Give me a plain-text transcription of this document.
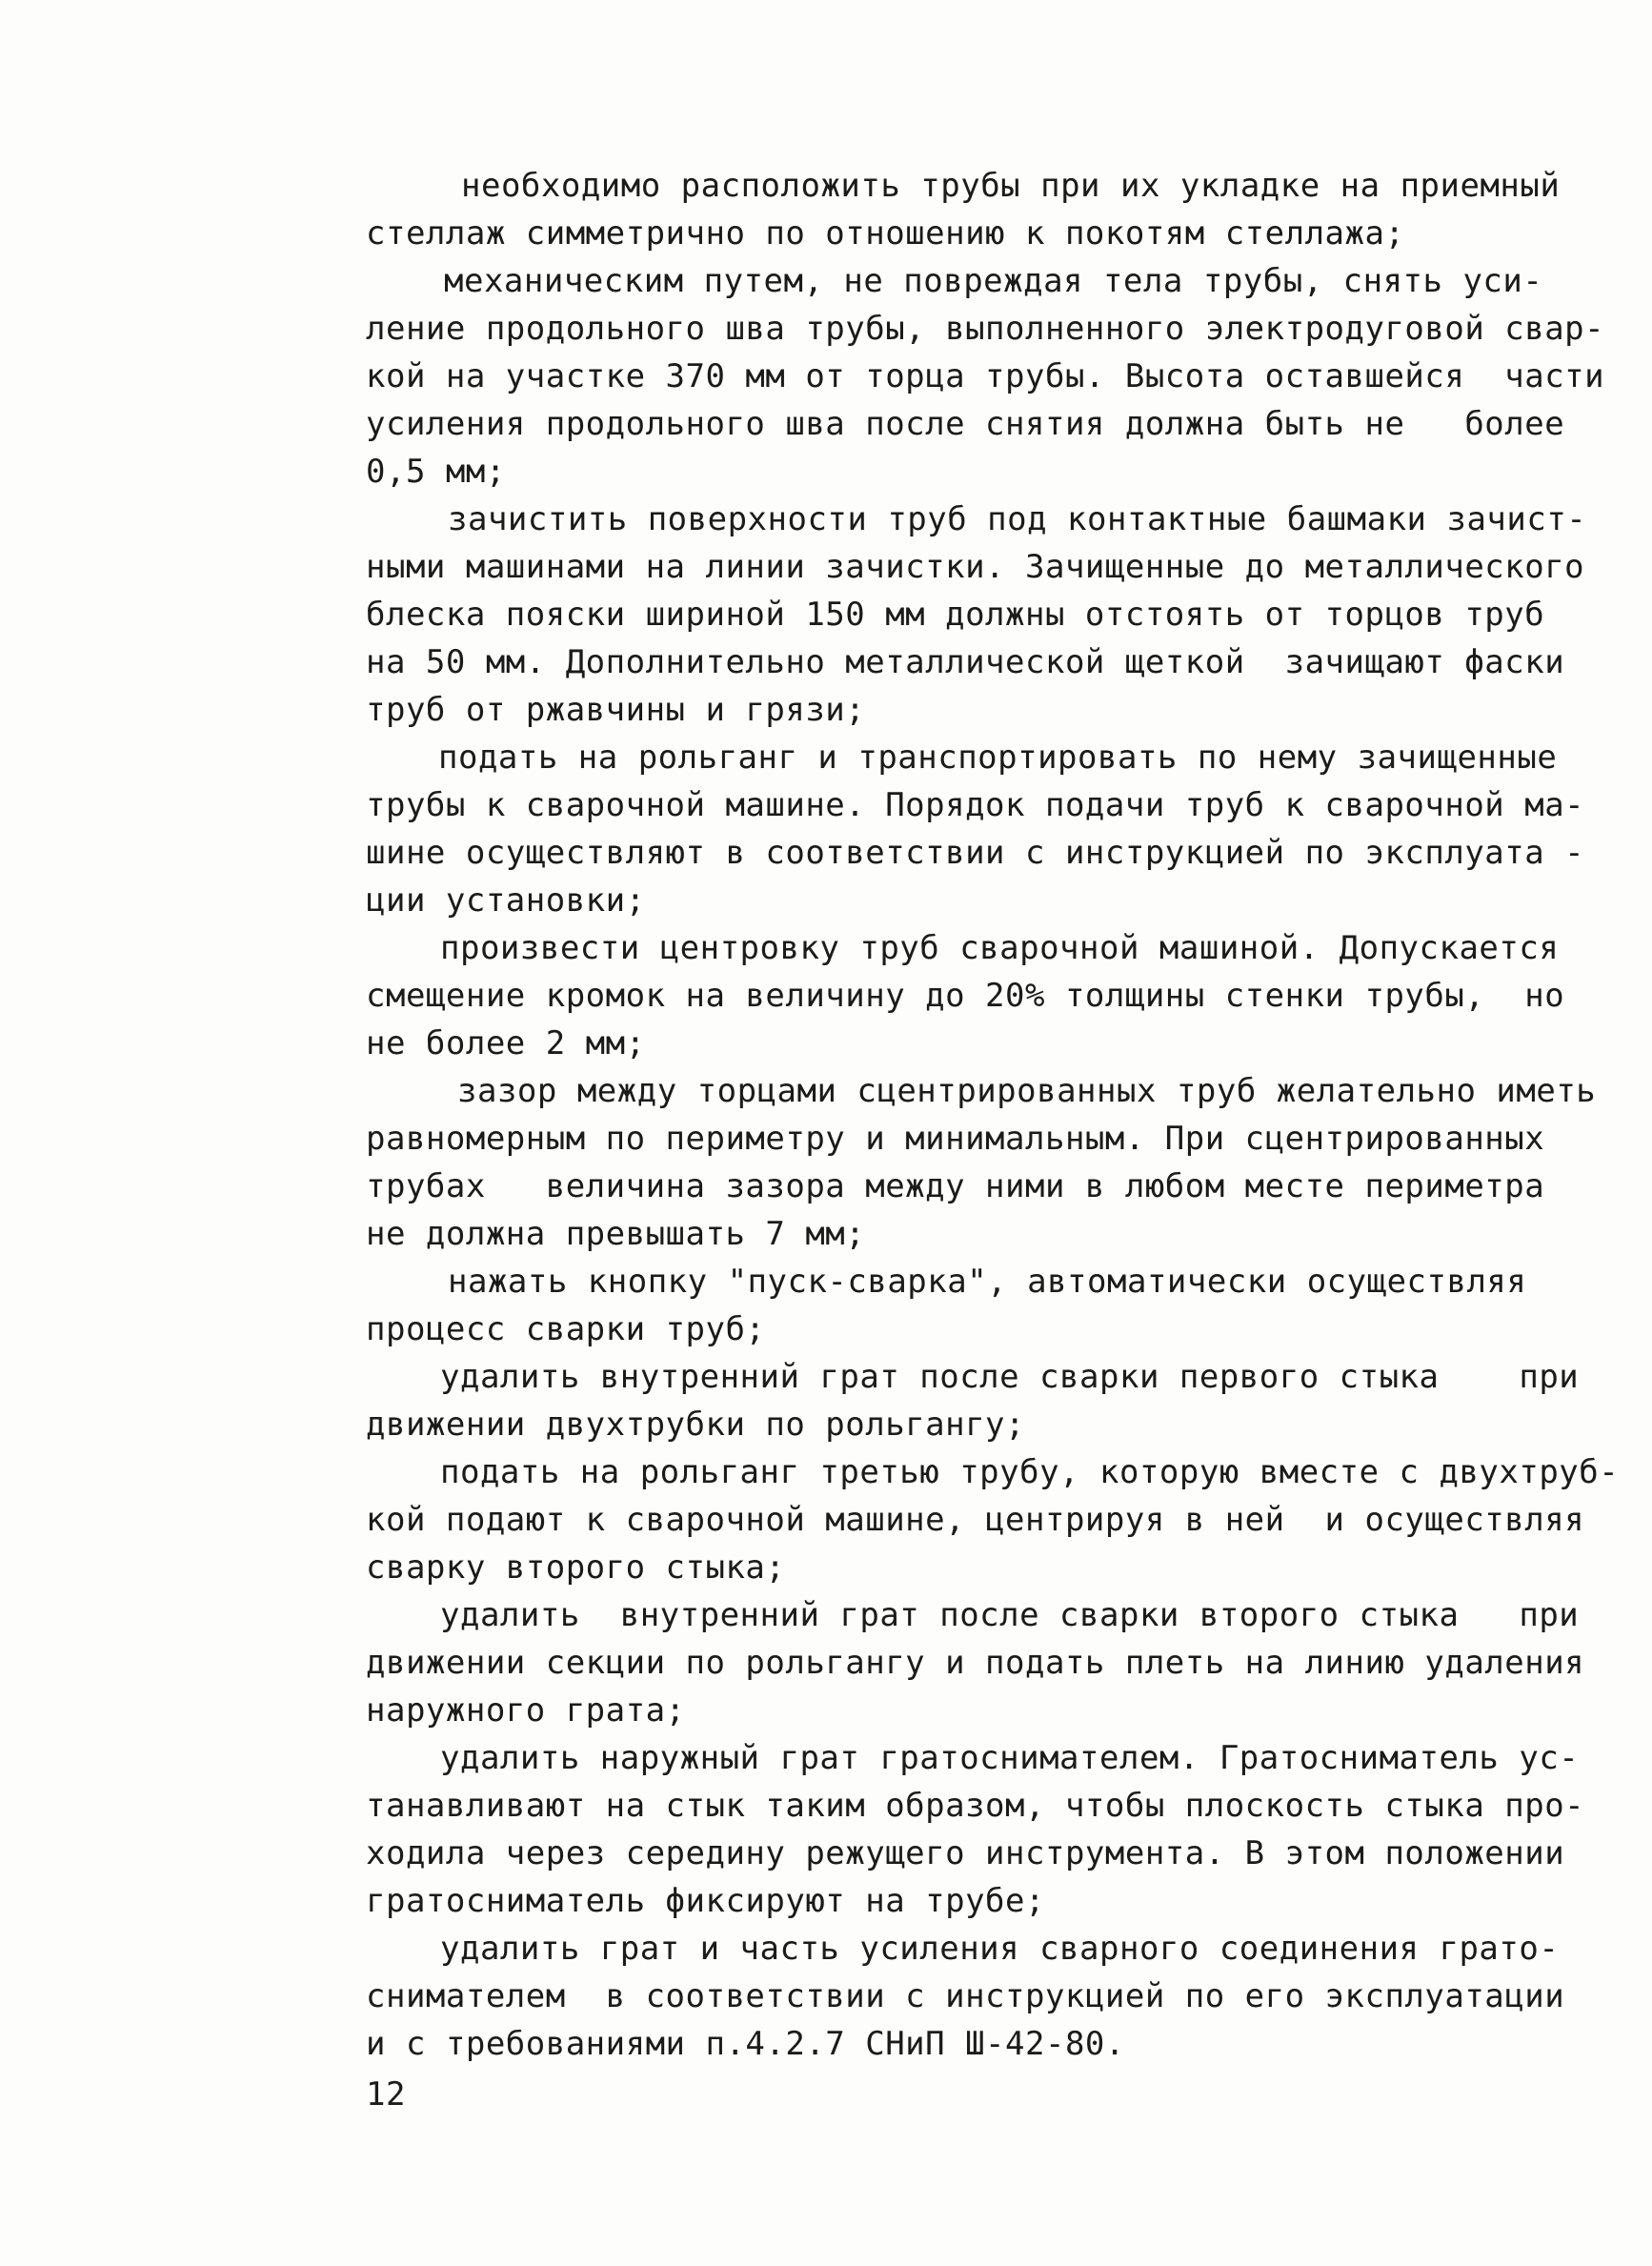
необходимо расположить трубы при их укладке на приемный
стеллаж симметрично по отношению к покотям стеллажа;
механическим путем, не повреждая тела трубы, снять уси-
ление продольного шва трубы, выполненного электродуговой свар-
кой на участке 370 мм от торца трубы. Высота оставшейся  части
усиления продольного шва после снятия должна быть не   более
0,5 мм;
зачистить поверхности труб под контактные башмаки зачист-
ными машинами на линии зачистки. Зачищенные до металлического
блеска пояски шириной 150 мм должны отстоять от торцов труб
на 50 мм. Дополнительно металлической щеткой  зачищают фаски
труб от ржавчины и грязи;
подать на рольганг и транспортировать по нему зачищенные
трубы к сварочной машине. Порядок подачи труб к сварочной ма-
шине осуществляют в соответствии с инструкцией по эксплуата -
ции установки;
произвести центровку труб сварочной машиной. Допускается
смещение кромок на величину до 20% толщины стенки трубы,  но
не более 2 мм;
зазор между торцами сцентрированных труб желательно иметь
равномерным по периметру и минимальным. При сцентрированных
трубах   величина зазора между ними в любом месте периметра
не должна превышать 7 мм;
нажать кнопку "пуск-сварка", автоматически осуществляя
процесс сварки труб;
удалить внутренний грат после сварки первого стыка    при
движении двухтрубки по рольгангу;
подать на рольганг третью трубу, которую вместе с двухтруб-
кой подают к сварочной машине, центрируя в ней  и осуществляя
сварку второго стыка;
удалить  внутренний грат после сварки второго стыка   при
движении секции по рольгангу и подать плеть на линию удаления
наружного грата;
удалить наружный грат гратоснимателем. Гратосниматель ус-
танавливают на стык таким образом, чтобы плоскость стыка про-
ходила через середину режущего инструмента. В этом положении
гратосниматель фиксируют на трубе;
удалить грат и часть усиления сварного соединения грато-
снимателем  в соответствии с инструкцией по его эксплуатации
и с требованиями п.4.2.7 СНиП Ш-42-80.
12
